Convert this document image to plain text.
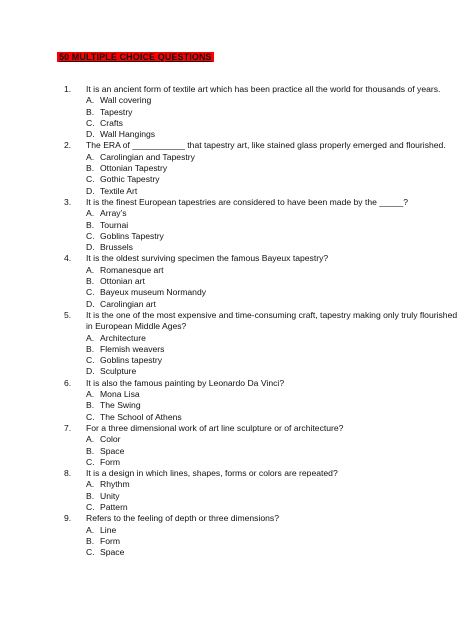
50 MULTIPLE CHOICE QUESTIONS
1.	It is an ancient form of textile art which has been practice all the world for thousands of years.
A. Wall covering
B. Tapestry
C. Crafts
D. Wall Hangings
2.	The ERA of ___________ that tapestry art, like stained glass properly emerged and flourished.
A. Carolingian and Tapestry
B. Ottonian Tapestry
C. Gothic Tapestry
D. Textile Art
3.	It is the finest European tapestries are considered to have been made by the _____?
A. Array’s
B. Tournai
C. Goblins Tapestry
D. Brussels
4.	It is the oldest surviving specimen the famous Bayeux tapestry?
A. Romanesque art
B. Ottonian art
C. Bayeux museum Normandy
D. Carolingian art
5.	It is the one of the most expensive and time-consuming craft, tapestry making only truly flourished in European Middle Ages?
A. Architecture
B. Flemish weavers
C. Goblins tapestry
D. Sculpture
6.	It is also the famous painting by Leonardo Da Vinci?
A. Mona Lisa
B. The Swing
C. The School of Athens
7.	For a three dimensional work of art line sculpture or of architecture?
A. Color
B. Space
C. Form
8.	It is a design in which lines, shapes, forms or colors are repeated?
A. Rhythm
B. Unity
C. Pattern
9.	Refers to the feeling of depth or three dimensions?
A. Line
B. Form
C. Space
